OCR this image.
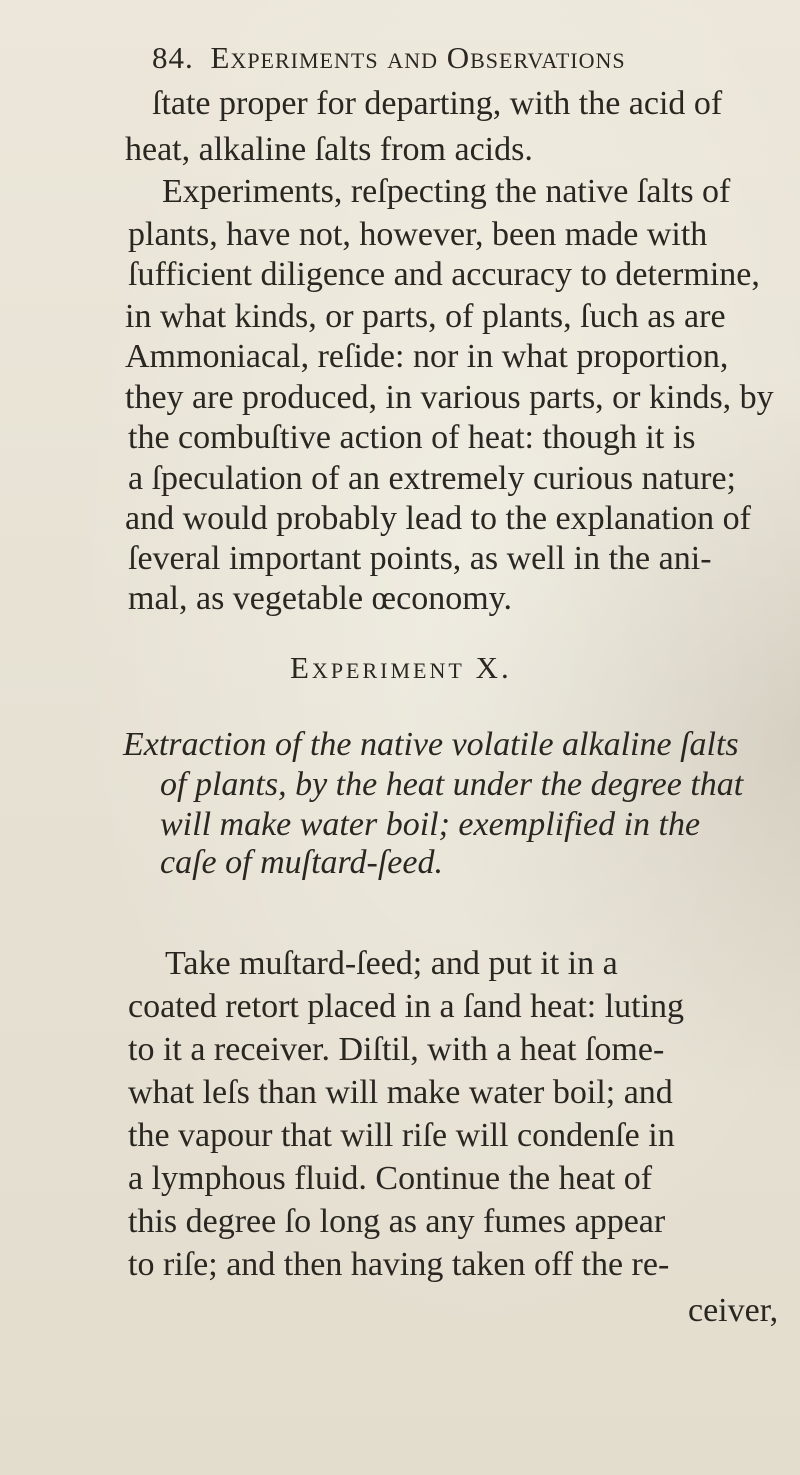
84. Experiments and Observations
ſtate proper for departing, with the acid of
heat, alkaline ſalts from acids.
Experiments, reſpecting the native ſalts of
plants, have not, however, been made with
ſufficient diligence and accuracy to determine,
in what kinds, or parts, of plants, ſuch as are
Ammoniacal, reſide: nor in what proportion,
they are produced, in various parts, or kinds, by
the combuſtive action of heat: though it is
a ſpeculation of an extremely curious nature;
and would probably lead to the explanation of
ſeveral important points, as well in the ani-
mal, as vegetable œconomy.
Experiment X.
Extraction of the native volatile alkaline ſalts
of plants, by the heat under the degree that
will make water boil; exemplified in the
caſe of muſtard-ſeed.
Take muſtard-ſeed; and put it in a
coated retort placed in a ſand heat: luting
to it a receiver. Diſtil, with a heat ſome-
what leſs than will make water boil; and
the vapour that will riſe will condenſe in
a lymphous fluid. Continue the heat of
this degree ſo long as any fumes appear
to riſe; and then having taken off the re-
ceiver,
